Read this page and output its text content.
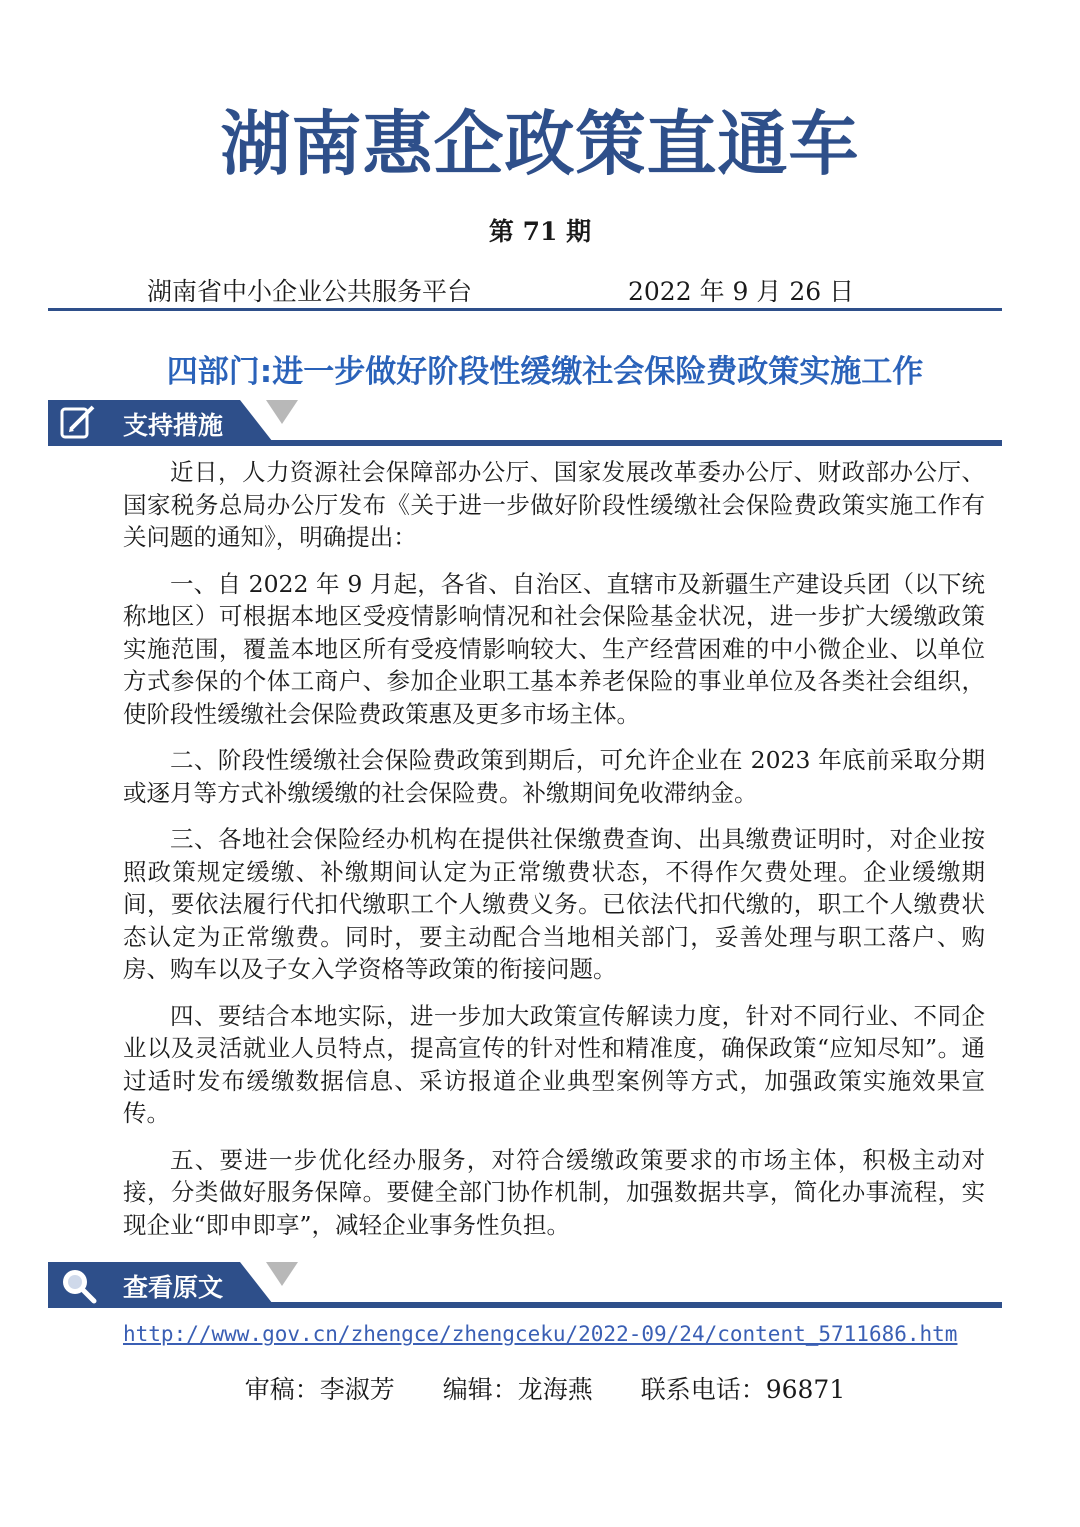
湖南惠企政策直通车
第 71 期
湖南省中小企业公共服务平台	2022 年 9 月 26 日
四部门:进一步做好阶段性缓缴社会保险费政策实施工作
支持措施

近日，人力资源社会保障部办公厅、国家发展改革委办公厅、财政部办公厅、国家税务总局办公厅发布《关于进一步做好阶段性缓缴社会保险费政策实施工作有关问题的通知》，明确提出：

一、自 2022 年 9 月起，各省、自治区、直辖市及新疆生产建设兵团（以下统称地区）可根据本地区受疫情影响情况和社会保险基金状况，进一步扩大缓缴政策实施范围，覆盖本地区所有受疫情影响较大、生产经营困难的中小微企业、以单位方式参保的个体工商户、参加企业职工基本养老保险的事业单位及各类社会组织，使阶段性缓缴社会保险费政策惠及更多市场主体。

二、阶段性缓缴社会保险费政策到期后，可允许企业在 2023 年底前采取分期或逐月等方式补缴缓缴的社会保险费。补缴期间免收滞纳金。

三、各地社会保险经办机构在提供社保缴费查询、出具缴费证明时，对企业按照政策规定缓缴、补缴期间认定为正常缴费状态，不得作欠费处理。企业缓缴期间，要依法履行代扣代缴职工个人缴费义务。已依法代扣代缴的，职工个人缴费状态认定为正常缴费。同时，要主动配合当地相关部门，妥善处理与职工落户、购房、购车以及子女入学资格等政策的衔接问题。

四、要结合本地实际，进一步加大政策宣传解读力度，针对不同行业、不同企业以及灵活就业人员特点，提高宣传的针对性和精准度，确保政策“应知尽知”。通过适时发布缓缴数据信息、采访报道企业典型案例等方式，加强政策实施效果宣传。

五、要进一步优化经办服务，对符合缓缴政策要求的市场主体，积极主动对接，分类做好服务保障。要健全部门协作机制，加强数据共享，简化办事流程，实现企业“即申即享”，减轻企业事务性负担。

查看原文
http://www.gov.cn/zhengce/zhengceku/2022-09/24/content_5711686.htm
审稿：李淑芳 编辑：龙海燕 联系电话：96871
